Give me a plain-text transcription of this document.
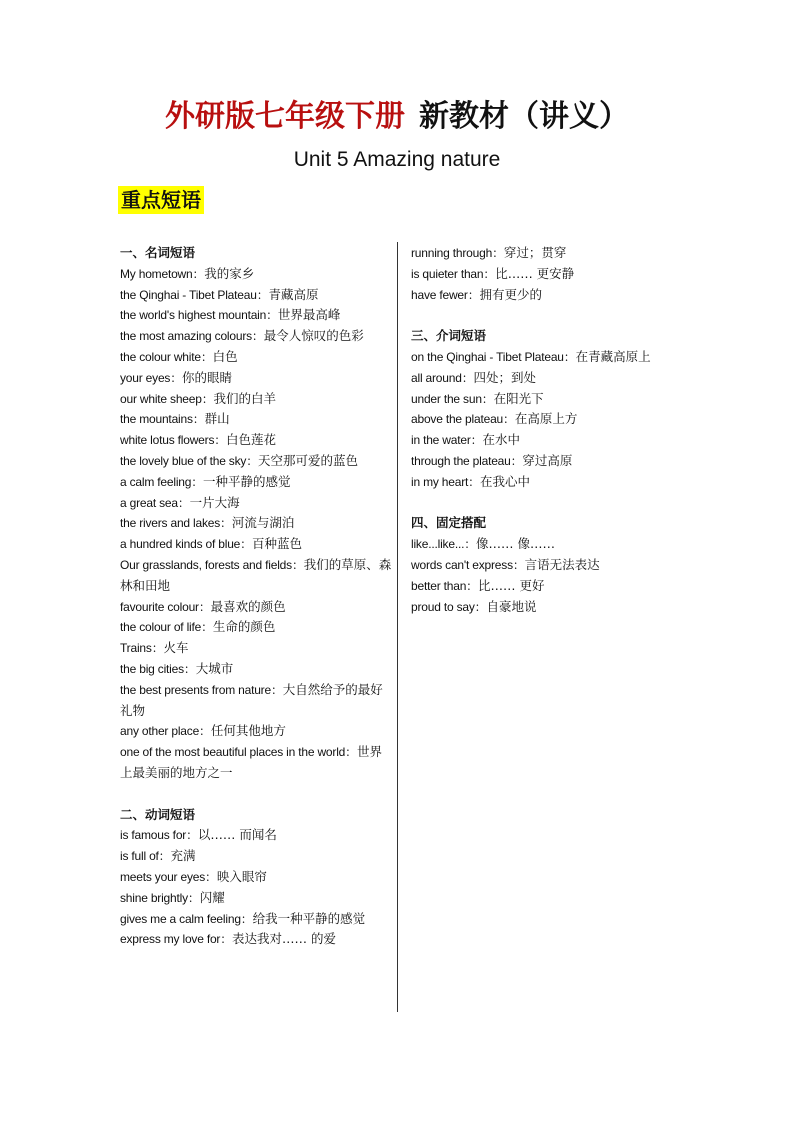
外研版七年级下册 新教材（讲义）
Unit 5 Amazing nature
重点短语

一、名词短语

My hometown：我的家乡

the Qinghai - Tibet Plateau：青藏高原

the world's highest mountain：世界最高峰

the most amazing colours：最令人惊叹的色彩

the colour white：白色

your eyes：你的眼睛

our white sheep：我们的白羊

the mountains：群山

white lotus flowers：白色莲花

the lovely blue of the sky：天空那可爱的蓝色

a calm feeling：一种平静的感觉

a great sea：一片大海

the rivers and lakes：河流与湖泊

a hundred kinds of blue：百种蓝色

Our grasslands, forests and fields：我们的草原、森林和田地

favourite colour：最喜欢的颜色

the colour of life：生命的颜色

Trains：火车

the big cities：大城市

the best presents from nature：大自然给予的最好礼物

any other place：任何其他地方

one of the most beautiful places in the world：世界上最美丽的地方之一

二、动词短语

is famous for：以…… 而闻名

is full of：充满

meets your eyes：映入眼帘

shine brightly：闪耀

gives me a calm feeling：给我一种平静的感觉

express my love for：表达我对…… 的爱

running through：穿过；贯穿

is quieter than：比…… 更安静

have fewer：拥有更少的

三、介词短语

on the Qinghai - Tibet Plateau：在青藏高原上

all around：四处；到处

under the sun：在阳光下

above the plateau：在高原上方

in the water：在水中

through the plateau：穿过高原

in my heart：在我心中

四、固定搭配

like...like...：像…… 像……

words can't express：言语无法表达

better than：比…… 更好

proud to say：自豪地说
